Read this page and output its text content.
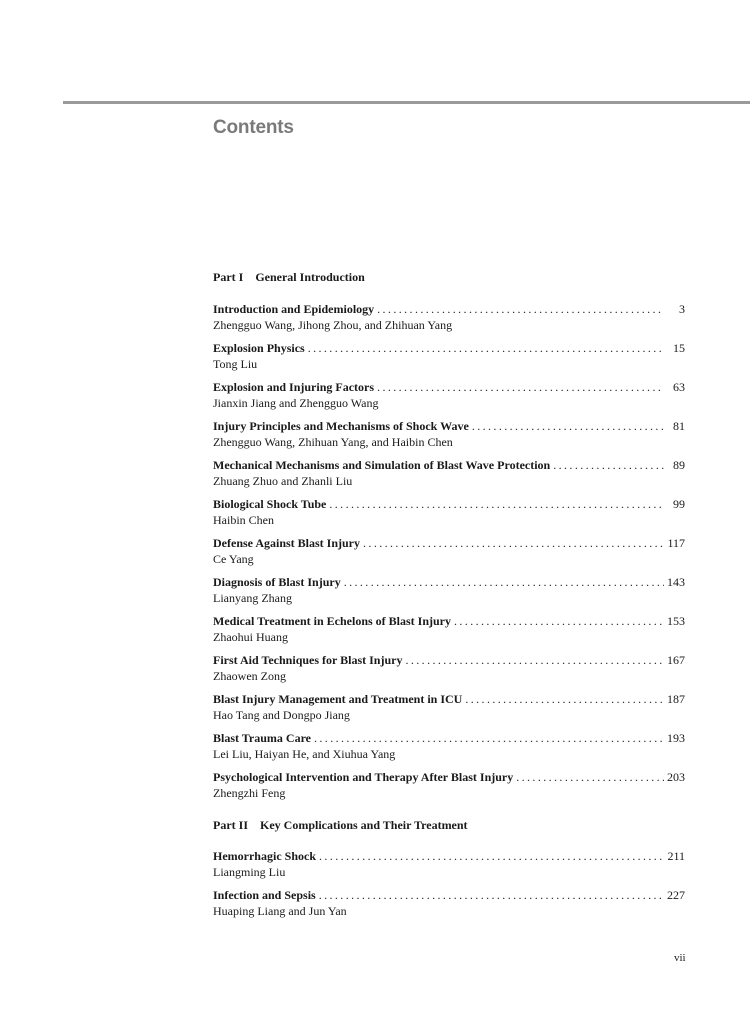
Contents
Part I    General Introduction
Introduction and Epidemiology . . .	3
Zhengguo Wang, Jihong Zhou, and Zhihuan Yang
Explosion Physics . . .	15
Tong Liu
Explosion and Injuring Factors . . .	63
Jianxin Jiang and Zhengguo Wang
Injury Principles and Mechanisms of Shock Wave . . .	81
Zhengguo Wang, Zhihuan Yang, and Haibin Chen
Mechanical Mechanisms and Simulation of Blast Wave Protection . . .	89
Zhuang Zhuo and Zhanli Liu
Biological Shock Tube . . .	99
Haibin Chen
Defense Against Blast Injury . . .	117
Ce Yang
Diagnosis of Blast Injury . . .	143
Lianyang Zhang
Medical Treatment in Echelons of Blast Injury . . .	153
Zhaohui Huang
First Aid Techniques for Blast Injury . . .	167
Zhaowen Zong
Blast Injury Management and Treatment in ICU . . .	187
Hao Tang and Dongpo Jiang
Blast Trauma Care . . .	193
Lei Liu, Haiyan He, and Xiuhua Yang
Psychological Intervention and Therapy After Blast Injury . . .	203
Zhengzhi Feng
Part II    Key Complications and Their Treatment
Hemorrhagic Shock . . .	211
Liangming Liu
Infection and Sepsis . . .	227
Huaping Liang and Jun Yan
vii
